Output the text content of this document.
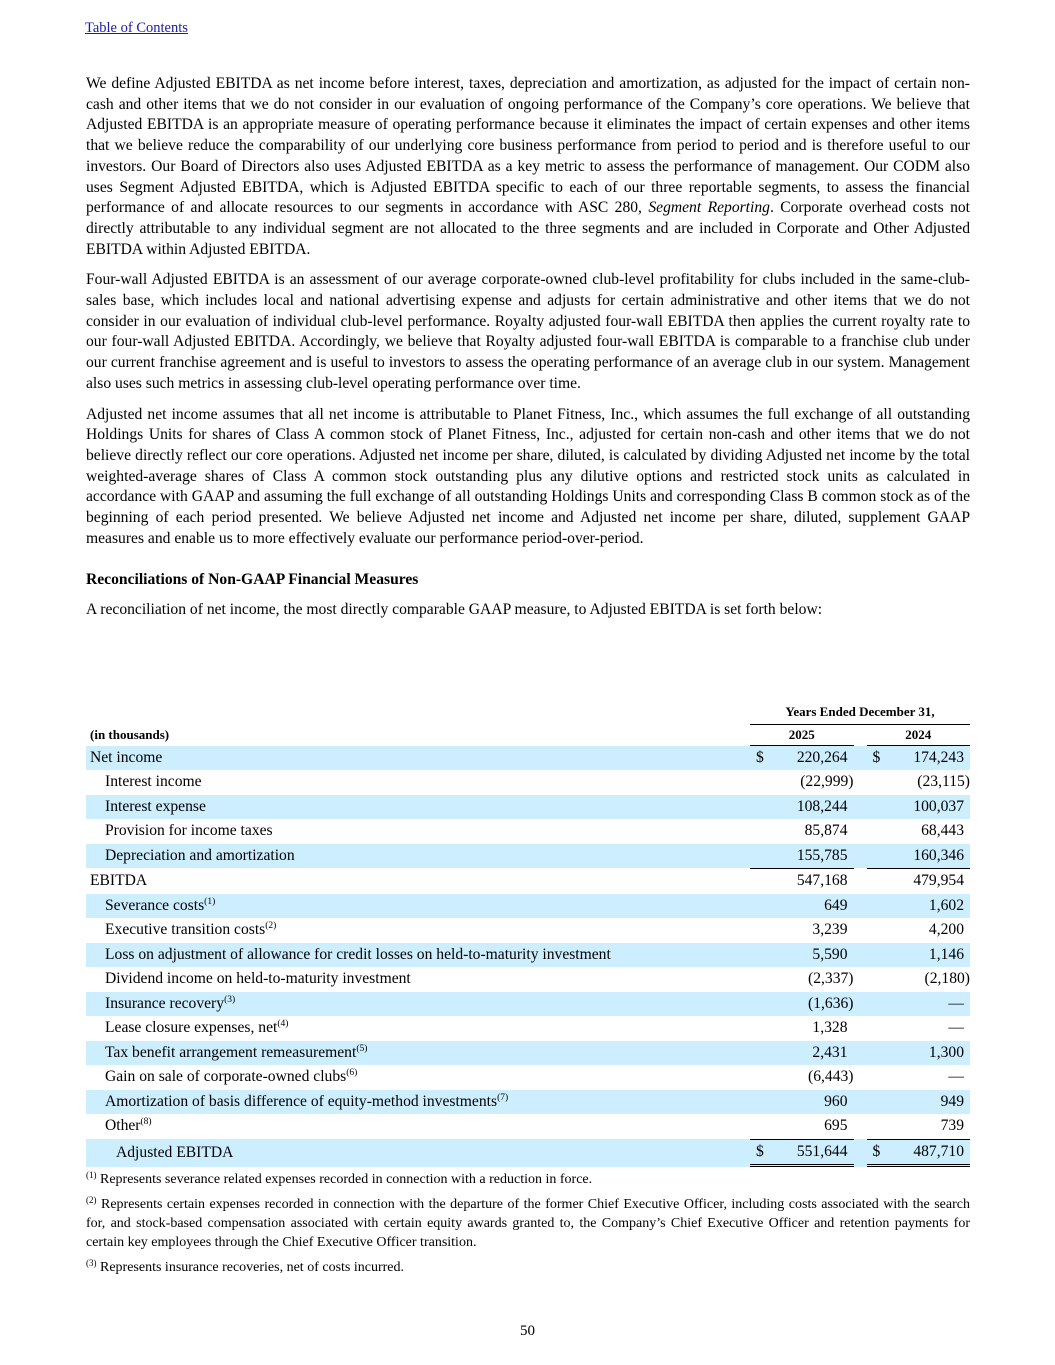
Table of Contents

We define Adjusted EBITDA as net income before interest, taxes, depreciation and amortization, as adjusted for the impact of certain non-cash and other items that we do not consider in our evaluation of ongoing performance of the Company’s core operations. We believe that Adjusted EBITDA is an appropriate measure of operating performance because it eliminates the impact of certain expenses and other items that we believe reduce the comparability of our underlying core business performance from period to period and is therefore useful to our investors. Our Board of Directors also uses Adjusted EBITDA as a key metric to assess the performance of management. Our CODM also uses Segment Adjusted EBITDA, which is Adjusted EBITDA specific to each of our three reportable segments, to assess the financial performance of and allocate resources to our segments in accordance with ASC 280, Segment Reporting. Corporate overhead costs not directly attributable to any individual segment are not allocated to the three segments and are included in Corporate and Other Adjusted EBITDA within Adjusted EBITDA.

Four-wall Adjusted EBITDA is an assessment of our average corporate-owned club-level profitability for clubs included in the same-club-sales base, which includes local and national advertising expense and adjusts for certain administrative and other items that we do not consider in our evaluation of individual club-level performance. Royalty adjusted four-wall EBITDA then applies the current royalty rate to our four-wall Adjusted EBITDA. Accordingly, we believe that Royalty adjusted four-wall EBITDA is comparable to a franchise club under our current franchise agreement and is useful to investors to assess the operating performance of an average club in our system. Management also uses such metrics in assessing club-level operating performance over time.

Adjusted net income assumes that all net income is attributable to Planet Fitness, Inc., which assumes the full exchange of all outstanding Holdings Units for shares of Class A common stock of Planet Fitness, Inc., adjusted for certain non-cash and other items that we do not believe directly reflect our core operations. Adjusted net income per share, diluted, is calculated by dividing Adjusted net income by the total weighted-average shares of Class A common stock outstanding plus any dilutive options and restricted stock units as calculated in accordance with GAAP and assuming the full exchange of all outstanding Holdings Units and corresponding Class B common stock as of the beginning of each period presented. We believe Adjusted net income and Adjusted net income per share, diluted, supplement GAAP measures and enable us to more effectively evaluate our performance period-over-period.

Reconciliations of Non-GAAP Financial Measures

A reconciliation of net income, the most directly comparable GAAP measure, to Adjusted EBITDA is set forth below:

	Years Ended December 31,				
(in thousands)	2025			2024	
Net income	$	220,264		$	174,243
Interest income		(22,999)			(23,115)
Interest expense		108,244			100,037
Provision for income taxes		85,874			68,443
Depreciation and amortization		155,785			160,346
EBITDA		547,168			479,954
Severance costs$^{(1)}$		649			1,602
Executive transition costs$^{(2)}$		3,239			4,200
Loss on adjustment of allowance for credit losses on held-to-maturity investment		5,590			1,146
Dividend income on held-to-maturity investment		(2,337)			(2,180)
Insurance recovery$^{(3)}$		(1,636)			—
Lease closure expenses, net$^{(4)}$		1,328			—
Tax benefit arrangement remeasurement$^{(5)}$		2,431			1,300
Gain on sale of corporate-owned clubs$^{(6)}$		(6,443)			—
Amortization of basis difference of equity-method investments$^{(7)}$		960			949
Other$^{(8)}$		695			739
Adjusted EBITDA	$	551,644		$	487,710

$^{(1)}$ Represents severance related expenses recorded in connection with a reduction in force.

$^{(2)}$ Represents certain expenses recorded in connection with the departure of the former Chief Executive Officer, including costs associated with the search for, and stock-based compensation associated with certain equity awards granted to, the Company’s Chief Executive Officer and retention payments for certain key employees through the Chief Executive Officer transition.

$^{(3)}$ Represents insurance recoveries, net of costs incurred.

50
